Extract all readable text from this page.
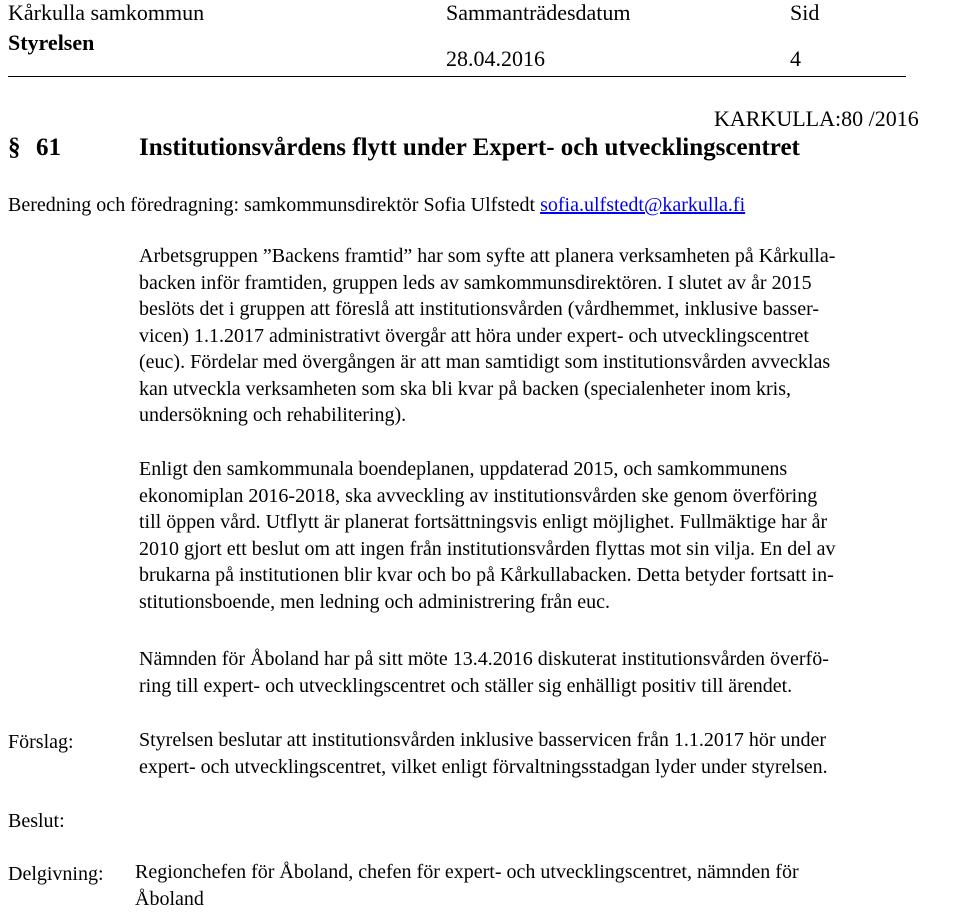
Kårkulla samkommun
Styrelsen
Sammanträdesdatum
28.04.2016
Sid
4
KARKULLA:80 /2016
§ 61	Institutionsvårdens flytt under Expert- och utvecklingscentret
Beredning och föredragning: samkommunsdirektör Sofia Ulfstedt sofia.ulfstedt@karkulla.fi
Arbetsgruppen ”Backens framtid” har som syfte att planera verksamheten på Kårkulla-
backen inför framtiden, gruppen leds av samkommunsdirektören. I slutet av år 2015
beslöts det i gruppen att föreslå att institutionsvården (vårdhemmet, inklusive basser-
vicen) 1.1.2017 administrativt övergår att höra under expert- och utvecklingscentret
(euc). Fördelar med övergången är att man samtidigt som institutionsvården avvecklas
kan utveckla verksamheten som ska bli kvar på backen (specialenheter inom kris,
undersökning och rehabilitering).
Enligt den samkommunala boendeplanen, uppdaterad 2015, och samkommunens
ekonomiplan 2016-2018, ska avveckling av institutionsvården ske genom överföring
till öppen vård. Utflytt är planerat fortsättningsvis enligt möjlighet. Fullmäktige har år
2010 gjort ett beslut om att ingen från institutionsvården flyttas mot sin vilja. En del av
brukarna på institutionen blir kvar och bo på Kårkullabacken. Detta betyder fortsatt in-
stitutionsboende, men ledning och administrering från euc.
Nämnden för Åboland har på sitt möte 13.4.2016 diskuterat institutionsvården överfö-
ring till expert- och utvecklingscentret och ställer sig enhälligt positiv till ärendet.
Förslag:	Styrelsen beslutar att institutionsvården inklusive basservicen från 1.1.2017 hör under
expert- och utvecklingscentret, vilket enligt förvaltningsstadgan lyder under styrelsen.
Beslut:
Delgivning: Regionchefen för Åboland, chefen för expert- och utvecklingscentret, nämnden för
Åboland
